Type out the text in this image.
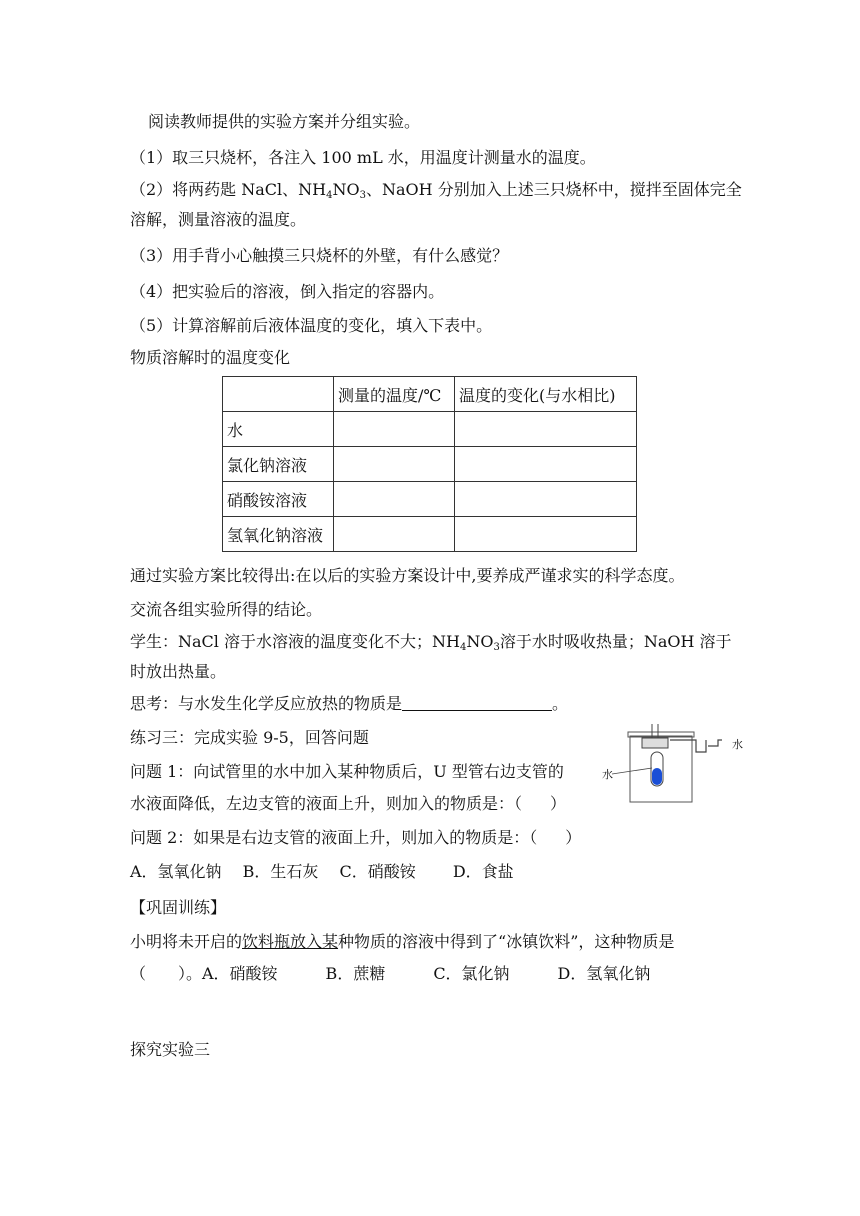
阅读教师提供的实验方案并分组实验。
（1）取三只烧杯，各注入 100 mL 水，用温度计测量水的温度。
（2）将两药匙 NaCl、$NH_4NO_3$、NaOH 分别加入上述三只烧杯中，搅拌至固体完全
溶解，测量溶液的温度。
（3）用手背小心触摸三只烧杯的外壁，有什么感觉？
（4）把实验后的溶液，倒入指定的容器内。
（5）计算溶解前后液体温度的变化，填入下表中。
物质溶解时的温度变化
	测量的温度/℃	温度的变化(与水相比)
水		
氯化钠溶液		
硝酸铵溶液		
氢氧化钠溶液		
通过实验方案比较得出:在以后的实验方案设计中,要养成严谨求实的科学态度。
交流各组实验所得的结论。
学生：NaCl 溶于水溶液的温度变化不大；$NH_4NO_3$溶于水时吸收热量；NaOH 溶于
时放出热量。
思考：与水发生化学反应放热的物质是	。
练习三：完成实验 9-5，回答问题
问题 1：向试管里的水中加入某种物质后，U 型管右边支管的
水液面降低，左边支管的液面上升，则加入的物质是：（ ）
问题 2：如果是右边支管的液面上升，则加入的物质是：（ ）
A．氢氧化钠　 B．生石灰　 C．硝酸铵　　 D．食盐
水
水
【巩固训练】
小明将未开启的饮料瓶放入某种物质的溶液中得到了“冰镇饮料”，这种物质是
（　　）。A．硝酸铵　　　B．蔗糖　　　C．氯化钠　　　D．氢氧化钠
探究实验三
